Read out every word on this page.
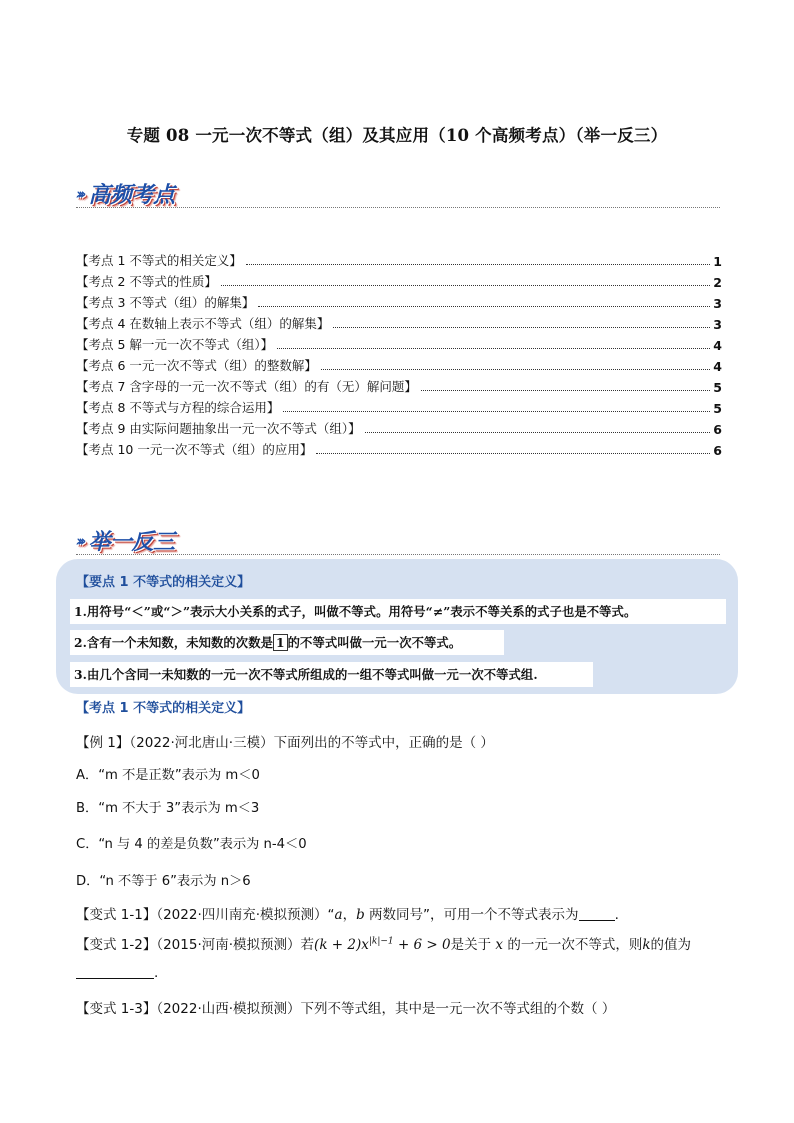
专题 08 一元一次不等式（组）及其应用（10 个高频考点）（举一反三）
››› 高频考点
【考点 1 不等式的相关定义】	1
【考点 2 不等式的性质】	2
【考点 3 不等式（组）的解集】	3
【考点 4 在数轴上表示不等式（组）的解集】	3
【考点 5 解一元一次不等式（组）】	4
【考点 6 一元一次不等式（组）的整数解】	4
【考点 7 含字母的一元一次不等式（组）的有（无）解问题】	5
【考点 8 不等式与方程的综合运用】	5
【考点 9 由实际问题抽象出一元一次不等式（组）】	6
【考点 10 一元一次不等式（组）的应用】	6
››› 举一反三
【要点 1 不等式的相关定义】
1.用符号“＜”或“＞”表示大小关系的式子，叫做不等式。用符号“≠”表示不等关系的式子也是不等式。
2.含有一个未知数，未知数的次数是 1 的不等式叫做一元一次不等式。
3.由几个含同一未知数的一元一次不等式所组成的一组不等式叫做一元一次不等式组.
【考点 1 不等式的相关定义】
【例 1】（2022·河北唐山·三模）下面列出的不等式中，正确的是（ ）
A．“m 不是正数”表示为 m＜0
B．“m 不大于 3”表示为 m＜3
C．“n 与 4 的差是负数”表示为 n-4＜0
D．“n 不等于 6”表示为 n＞6
【变式 1-1】（2022·四川南充·模拟预测）“a，b 两数同号”，可用一个不等式表示为	.
【变式 1-2】（2015·河南·模拟预测）若$(k + 2)x^{|k|-1} + 6 > 0$是关于 x 的一元一次不等式，则k的值为
.
【变式 1-3】（2022·山西·模拟预测）下列不等式组，其中是一元一次不等式组的个数（ ）
